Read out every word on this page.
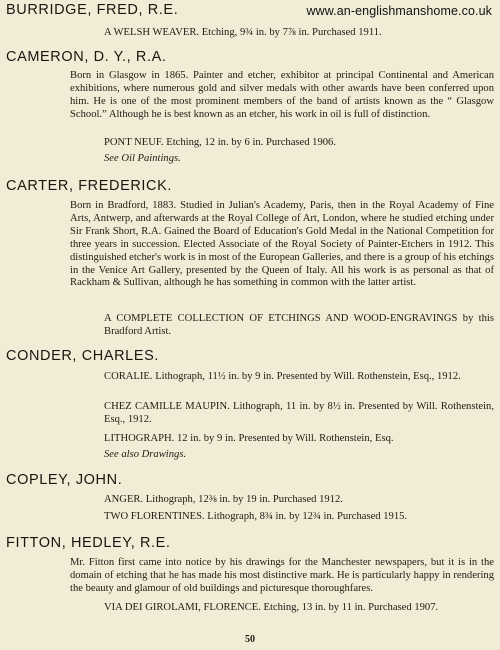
www.an-englishmanshome.co.uk
BURRIDGE, FRED, R.E.
A WELSH WEAVER. Etching, 9¾ in. by 7⅞ in. Purchased 1911.
CAMERON, D. Y., R.A.
Born in Glasgow in 1865. Painter and etcher, exhibitor at principal Continental and American exhibitions, where numerous gold and silver medals with other awards have been conferred upon him. He is one of the most prominent members of the band of artists known as the “ Glasgow School.” Although he is best known as an etcher, his work in oil is full of distinction.
PONT NEUF. Etching, 12 in. by 6 in. Purchased 1906.
See Oil Paintings.
CARTER, FREDERICK.
Born in Bradford, 1883. Studied in Julian's Academy, Paris, then in the Royal Academy of Fine Arts, Antwerp, and afterwards at the Royal College of Art, London, where he studied etching under Sir Frank Short, R.A. Gained the Board of Education's Gold Medal in the National Competition for three years in succession. Elected Associate of the Royal Society of Painter-Etchers in 1912. This distinguished etcher's work is in most of the European Galleries, and there is a group of his etchings in the Venice Art Gallery, presented by the Queen of Italy. All his work is as personal as that of Rackham & Sullivan, although he has something in common with the latter artist.
A COMPLETE COLLECTION OF ETCHINGS AND WOOD-ENGRAVINGS by this Bradford Artist.
CONDER, CHARLES.
CORALIE. Lithograph, 11½ in. by 9 in. Presented by Will. Rothenstein, Esq., 1912.
CHEZ CAMILLE MAUPIN. Lithograph, 11 in. by 8½ in. Presented by Will. Rothenstein, Esq., 1912.
LITHOGRAPH. 12 in. by 9 in. Presented by Will. Rothenstein, Esq.
See also Drawings.
COPLEY, JOHN.
ANGER. Lithograph, 12⅜ in. by 19 in. Purchased 1912.
TWO FLORENTINES. Lithograph, 8¾ in. by 12¾ in. Purchased 1915.
FITTON, HEDLEY, R.E.
Mr. Fitton first came into notice by his drawings for the Manchester newspapers, but it is in the domain of etching that he has made his most distinctive mark. He is particularly happy in rendering the beauty and glamour of old buildings and picturesque thoroughfares.
VIA DEI GIROLAMI, FLORENCE. Etching, 13 in. by 11 in. Purchased 1907.
50
